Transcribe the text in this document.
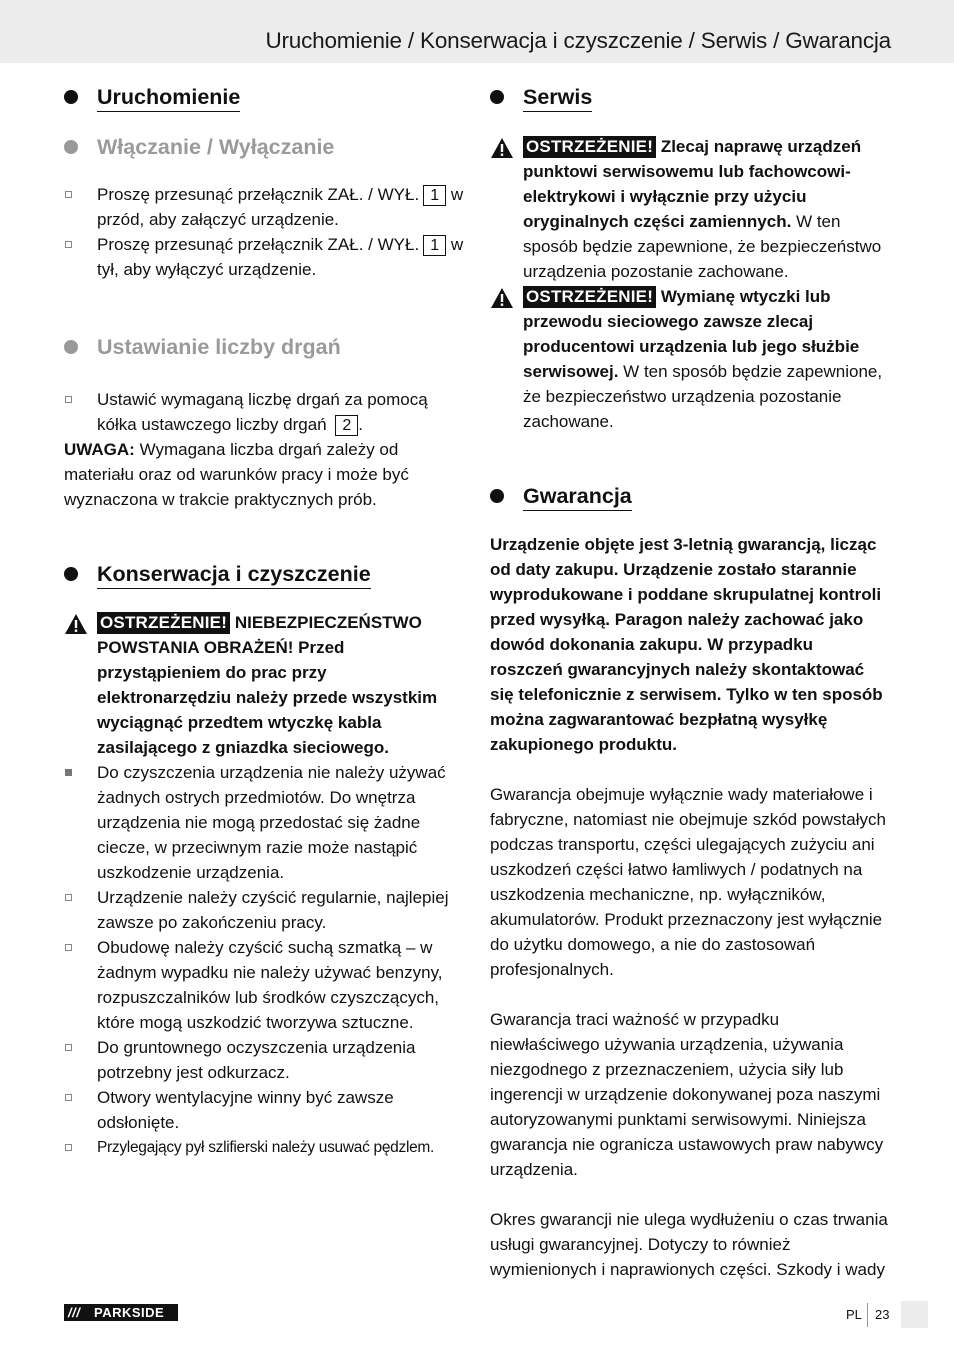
Uruchomienie / Konserwacja i czyszczenie / Serwis / Gwarancja
Uruchomienie
Włączanie / Wyłączanie
Proszę przesunąć przełącznik ZAŁ. / WYŁ. 1 w przód, aby załączyć urządzenie.
Proszę przesunąć przełącznik ZAŁ. / WYŁ. 1 w tył, aby wyłączyć urządzenie.
Ustawianie liczby drgań
Ustawić wymaganą liczbę drgań za pomocą kółka ustawczego liczby drgań 2 .

UWAGA: Wymagana liczba drgań zależy od materiału oraz od warunków pracy i może być wyznaczona w trakcie praktycznych prób.

Konserwacja i czyszczenie
OSTRZEŻENIE! NIEBEZPIECZEŃSTWO POWSTANIA OBRAŻEŃ! Przed przystąpieniem do prac przy elektronarzędziu należy przede wszystkim wyciągnąć przedtem wtyczkę kabla zasilającego z gniazdka sieciowego.
Do czyszczenia urządzenia nie należy używać żadnych ostrych przedmiotów. Do wnętrza urządzenia nie mogą przedostać się żadne ciecze, w przeciwnym razie może nastąpić uszkodzenie urządzenia.
Urządzenie należy czyścić regularnie, najlepiej zawsze po zakończeniu pracy.
Obudowę należy czyścić suchą szmatką – w żadnym wypadku nie należy używać benzyny, rozpuszczalników lub środków czyszczących, które mogą uszkodzić tworzywa sztuczne.
Do gruntownego oczyszczenia urządzenia potrzebny jest odkurzacz.
Otwory wentylacyjne winny być zawsze odsłonięte.
Przylegający pył szlifierski należy usuwać pędzlem.
Serwis
OSTRZEŻENIE! Zlecaj naprawę urządzeń punktowi serwisowemu lub fachowcowi-elektrykowi i wyłącznie przy użyciu oryginalnych części zamiennych. W ten sposób będzie zapewnione, że bezpieczeństwo urządzenia pozostanie zachowane.
OSTRZEŻENIE! Wymianę wtyczki lub przewodu sieciowego zawsze zlecaj producentowi urządzenia lub jego służbie serwisowej. W ten sposób będzie zapewnione, że bezpieczeństwo urządzenia pozostanie zachowane.
Gwarancja

Urządzenie objęte jest 3-letnią gwarancją, licząc od daty zakupu. Urządzenie zostało starannie wyprodukowane i poddane skrupulatnej kontroli przed wysyłką. Paragon należy zachować jako dowód dokonania zakupu. W przypadku roszczeń gwarancyjnych należy skontaktować się telefonicznie z serwisem. Tylko w ten sposób można zagwarantować bezpłatną wysyłkę zakupionego produktu.

Gwarancja obejmuje wyłącznie wady materiałowe i fabryczne, natomiast nie obejmuje szkód powstałych podczas transportu, części ulegających zużyciu ani uszkodzeń części łatwo łamliwych / podatnych na uszkodzenia mechaniczne, np. wyłączników, akumulatorów. Produkt przeznaczony jest wyłącznie do użytku domowego, a nie do zastosowań profesjonalnych.

Gwarancja traci ważność w przypadku niewłaściwego używania urządzenia, używania niezgodnego z przeznaczeniem, użycia siły lub ingerencji w urządzenie dokonywanej poza naszymi autoryzowanymi punktami serwisowymi. Niniejsza gwarancja nie ogranicza ustawowych praw nabywcy urządzenia.

Okres gwarancji nie ulega wydłużeniu o czas trwania usługi gwarancyjnej. Dotyczy to również wymienionych i naprawionych części. Szkody i wady

/// PARKSIDE	PL 23
